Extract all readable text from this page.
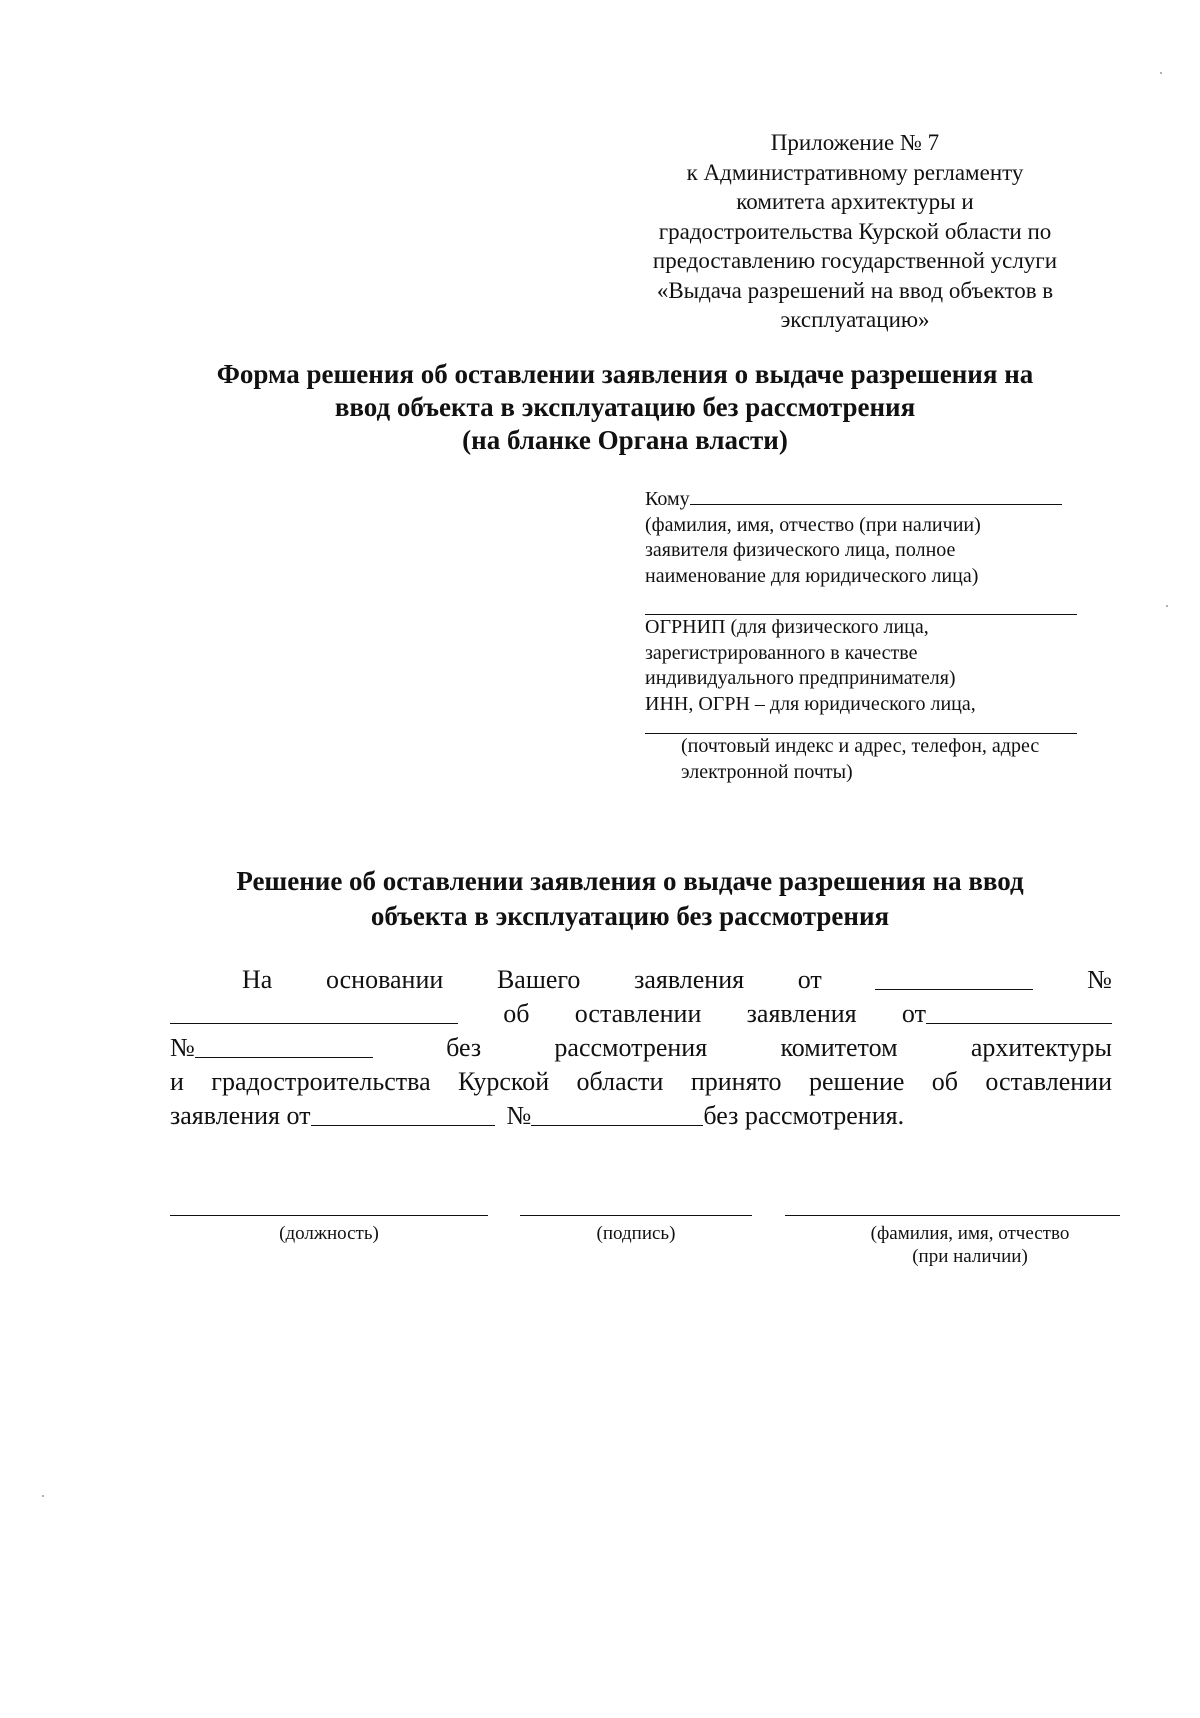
Приложение № 7
к Административному регламенту
комитета архитектуры и
градостроительства Курской области по
предоставлению государственной услуги
«Выдача разрешений на ввод объектов в
эксплуатацию»
Форма решения об оставлении заявления о выдаче разрешения на
ввод объекта в эксплуатацию без рассмотрения
(на бланке Органа власти)
Кому
(фамилия, имя, отчество (при наличии)
заявителя физического лица, полное
наименование для юридического лица)
ОГРНИП (для физического лица,
зарегистрированного в качестве
индивидуального предпринимателя)
ИНН, ОГРН – для юридического лица,
(почтовый индекс и адрес, телефон, адрес
электронной почты)
Решение об оставлении заявления о выдаче разрешения на ввод
объекта в эксплуатацию без рассмотрения
На основании Вашего заявления от	№
об оставлении заявления от
№	без	рассмотрения	комитетом	архитектуры
и градостроительства Курской области принято решение об оставлении
заявления от	№	без рассмотрения.
(должность)	(подпись)	(фамилия, имя, отчество
(при наличии)
